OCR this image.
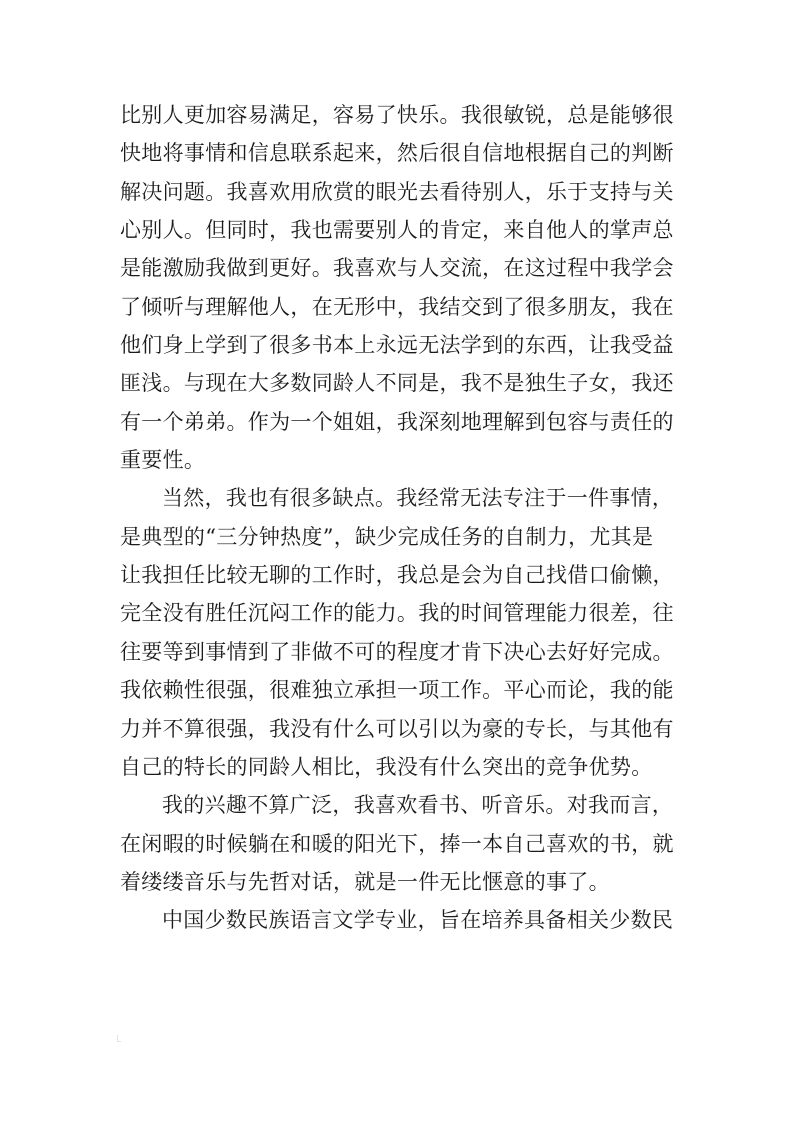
比别人更加容易满足，容易了快乐。我很敏锐，总是能够很
快地将事情和信息联系起来，然后很自信地根据自己的判断
解决问题。我喜欢用欣赏的眼光去看待别人，乐于支持与关
心别人。但同时，我也需要别人的肯定，来自他人的掌声总
是能激励我做到更好。我喜欢与人交流，在这过程中我学会
了倾听与理解他人，在无形中，我结交到了很多朋友，我在
他们身上学到了很多书本上永远无法学到的东西，让我受益
匪浅。与现在大多数同龄人不同是，我不是独生子女，我还
有一个弟弟。作为一个姐姐，我深刻地理解到包容与责任的
重要性。
当然，我也有很多缺点。我经常无法专注于一件事情，
是典型的“三分钟热度”，缺少完成任务的自制力，尤其是
让我担任比较无聊的工作时，我总是会为自己找借口偷懒，
完全没有胜任沉闷工作的能力。我的时间管理能力很差，往
往要等到事情到了非做不可的程度才肯下决心去好好完成。
我依赖性很强，很难独立承担一项工作。平心而论，我的能
力并不算很强，我没有什么可以引以为豪的专长，与其他有
自己的特长的同龄人相比，我没有什么突出的竞争优势。
我的兴趣不算广泛，我喜欢看书、听音乐。对我而言，
在闲暇的时候躺在和暖的阳光下，捧一本自己喜欢的书，就
着缕缕音乐与先哲对话，就是一件无比惬意的事了。
中国少数民族语言文学专业，旨在培养具备相关少数民
